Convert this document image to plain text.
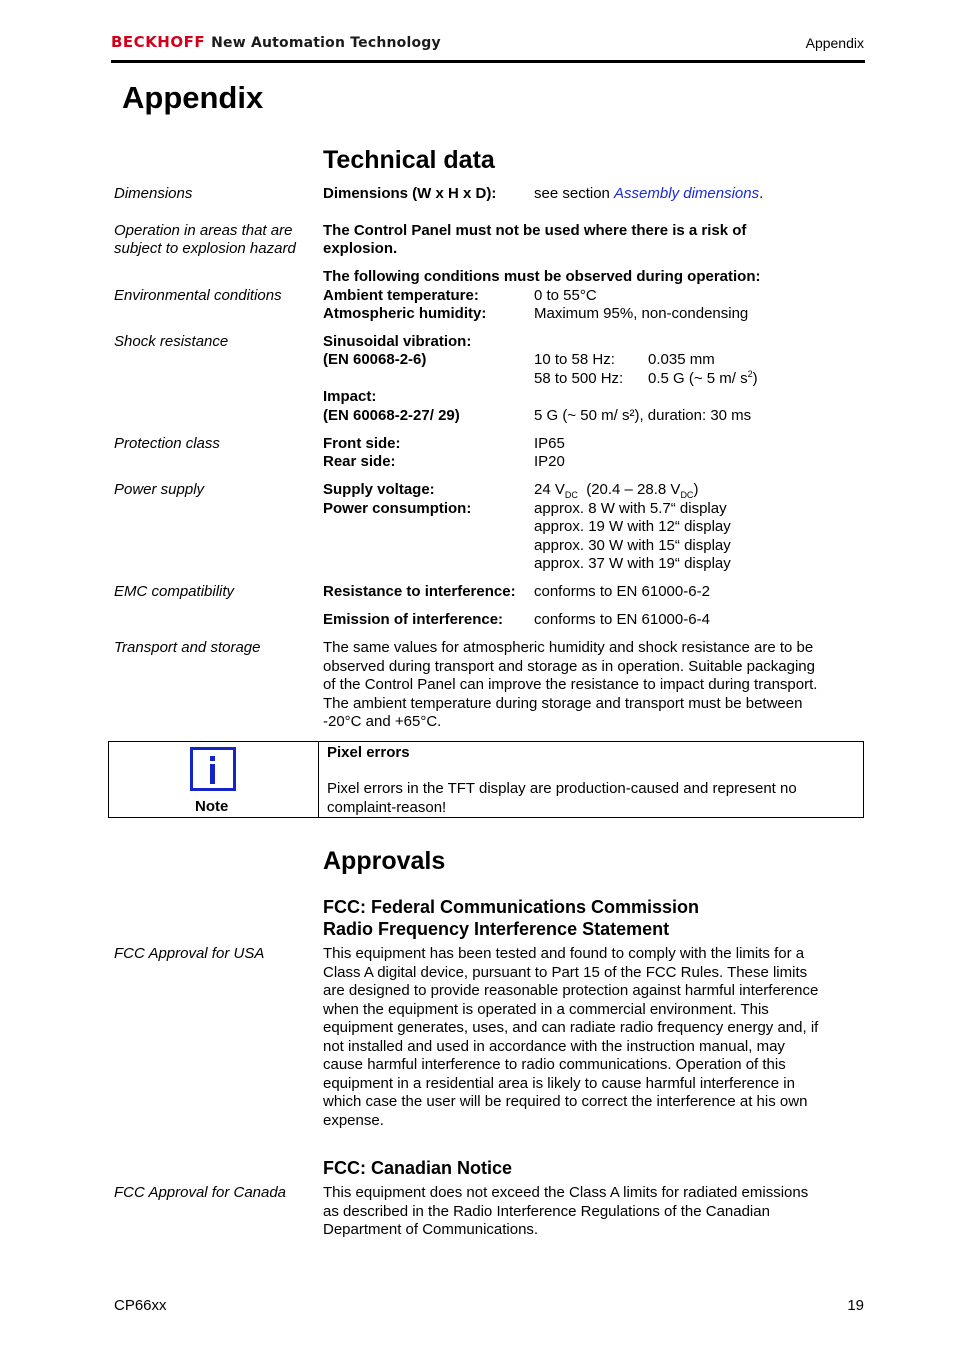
BECKHOFF New Automation Technology	Appendix
Appendix
Technical data
Dimensions	Dimensions (W x H x D):	see section Assembly dimensions.
Operation in areas that are
subject to explosion hazard
The Control Panel must not be used where there is a risk of
explosion.
The following conditions must be observed during operation:
Environmental conditions	Ambient temperature:	0 to 55°C
Atmospheric humidity:	Maximum 95%, non-condensing
Shock resistance	Sinusoidal vibration:
(EN 60068-2-6)	10 to 58 Hz: 0.035 mm
58 to 500 Hz: 0.5 G (~ 5 m/ $s^2$)
Impact:
(EN 60068-2-27/ 29)	5 G (~ 50 m/ s²), duration: 30 ms
Protection class	Front side:	IP65
Rear side:	IP20
Power supply	Supply voltage:	24 $V_{DC}$  (20.4 – 28.8 $V_{DC}$)
Power consumption:	approx. 8 W with 5.7“ display
approx. 19 W with 12“ display
approx. 30 W with 15“ display
approx. 37 W with 19“ display
EMC compatibility	Resistance to interference: conforms to EN 61000-6-2
Emission of interference: conforms to EN 61000-6-4
Transport and storage	The same values for atmospheric humidity and shock resistance are to be
observed during transport and storage as in operation. Suitable packaging
of the Control Panel can improve the resistance to impact during transport.
The ambient temperature during storage and transport must be between
-20°C and +65°C.
Note
Pixel errors
Pixel errors in the TFT display are production-caused and represent no
complaint-reason!
Approvals
FCC: Federal Communications Commission
Radio Frequency Interference Statement
FCC Approval for USA	This equipment has been tested and found to comply with the limits for a
Class A digital device, pursuant to Part 15 of the FCC Rules. These limits
are designed to provide reasonable protection against harmful interference
when the equipment is operated in a commercial environment. This
equipment generates, uses, and can radiate radio frequency energy and, if
not installed and used in accordance with the instruction manual, may
cause harmful interference to radio communications. Operation of this
equipment in a residential area is likely to cause harmful interference in
which case the user will be required to correct the interference at his own
expense.
FCC: Canadian Notice
FCC Approval for Canada This equipment does not exceed the Class A limits for radiated emissions
as described in the Radio Interference Regulations of the Canadian
Department of Communications.
CP66xx	19
